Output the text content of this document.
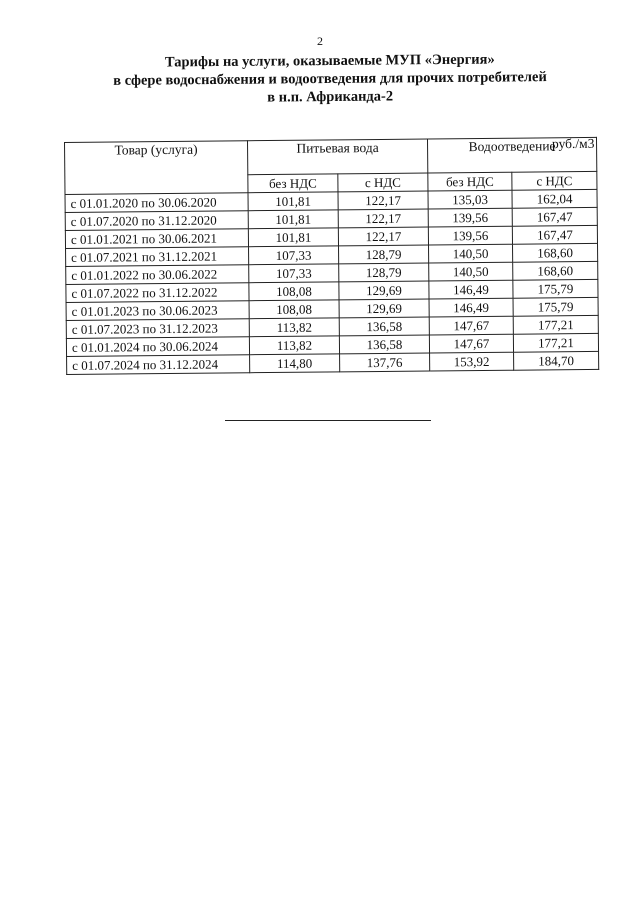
2
Тарифы на услуги, оказываемые МУП «Энергия»
в сфере водоснабжения и водоотведения для прочих потребителей
в н.п. Африканда-2
руб./м3
Товар (услуга)	Питьевая вода		Водоотведение	
	без НДС	с НДС	без НДС	с НДС
с 01.01.2020 по 30.06.2020	101,81	122,17	135,03	162,04
с 01.07.2020 по 31.12.2020	101,81	122,17	139,56	167,47
с 01.01.2021 по 30.06.2021	101,81	122,17	139,56	167,47
с 01.07.2021 по 31.12.2021	107,33	128,79	140,50	168,60
с 01.01.2022 по 30.06.2022	107,33	128,79	140,50	168,60
с 01.07.2022 по 31.12.2022	108,08	129,69	146,49	175,79
с 01.01.2023 по 30.06.2023	108,08	129,69	146,49	175,79
с 01.07.2023 по 31.12.2023	113,82	136,58	147,67	177,21
с 01.01.2024 по 30.06.2024	113,82	136,58	147,67	177,21
с 01.07.2024 по 31.12.2024	114,80	137,76	153,92	184,70
